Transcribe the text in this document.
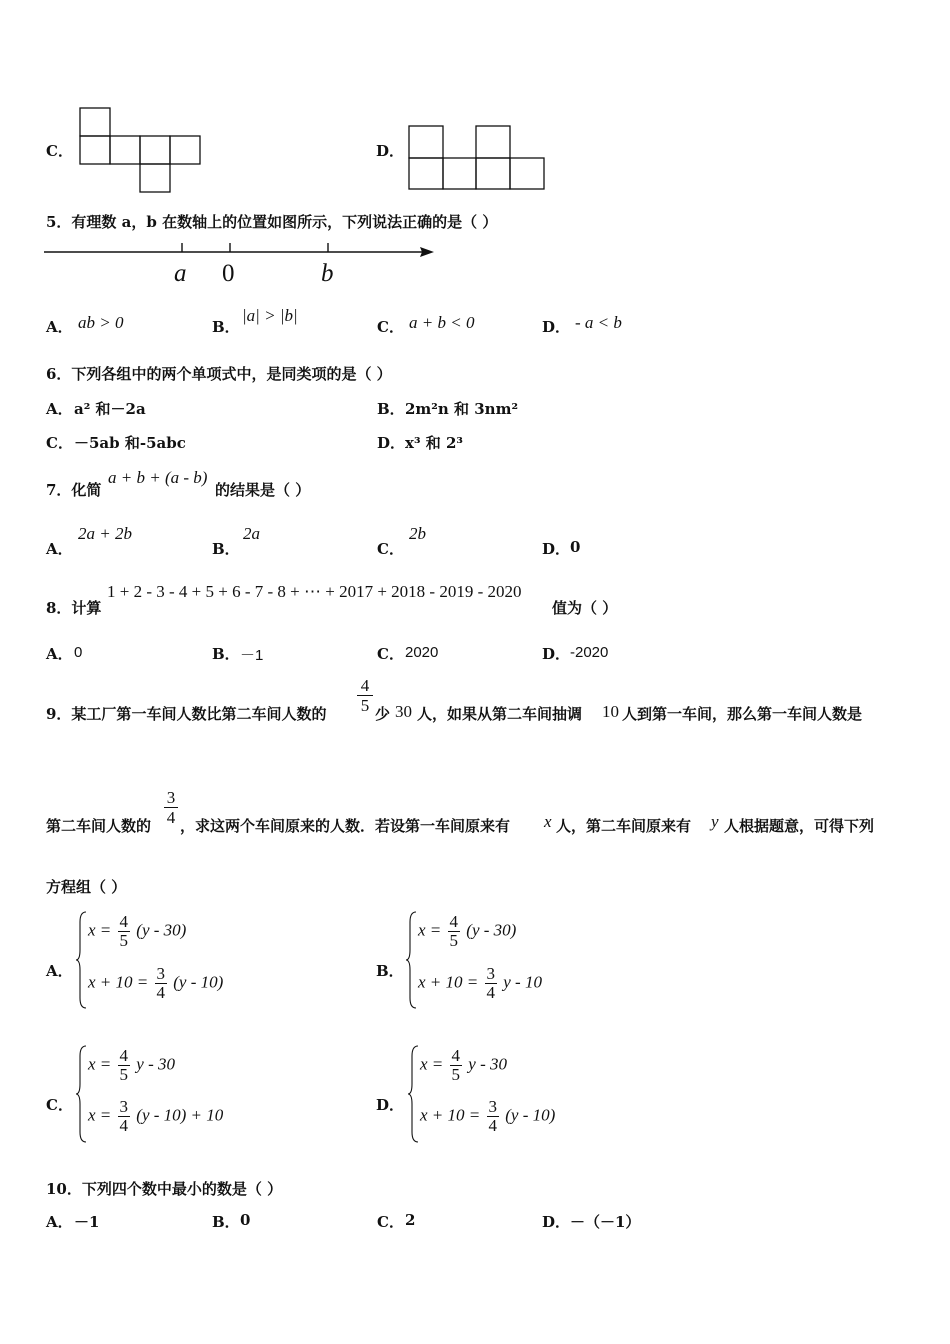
C．	D．
5．有理数 a，b 在数轴上的位置如图所示，下列说法正确的是（ ）
a 0	b
A． ab > 0	B．
|a| > |b|
C． a + b < 0	D． - a < b
6．下列各组中的两个单项式中，是同类项的是（ ）
A． a² 和－2a	B． 2m²n 和 3nm²
C． －5ab 和-5abc	D． x³ 和 2³
7．化简
a + b + (a - b)
的结果是（ ）
A．
2a + 2b
B．
2a
C．
2b
D． 0
8．计算
1 + 2 - 3 - 4 + 5 + 6 - 7 - 8 + ⋯ + 2017 + 2018 - 2019 - 2020
值为（ ）
A． 0	B． －1	C． 2020	D． -2020
9．某工厂第一车间人数比第二车间人数的 $\frac{4}{5}$ 少 30 人，如果从第二车间抽调 10 人到第一车间，那么第一车间人数是
第二车间人数的 $\frac{3}{4}$ ，求这两个车间原来的人数．若设第一车间原来有 x 人，第二车间原来有 y 人根据题意，可得下列
方程组（ ）
A．
$x = \frac{4}{5} (y - 30)$
$x + 10 = \frac{3}{4} (y - 10)$
B．
$x = \frac{4}{5} (y - 30)$
$x + 10 = \frac{3}{4}$ y - 10
C．
$x = \frac{4}{5}$ y - 30
$x = \frac{3}{4} (y - 10) + 10$
D．
$x = \frac{4}{5}$ y - 30
$x + 10 = \frac{3}{4} (y - 10)$
10．下列四个数中最小的数是（ ）
A． －1	B． 0	C． 2	D． －（－1）
